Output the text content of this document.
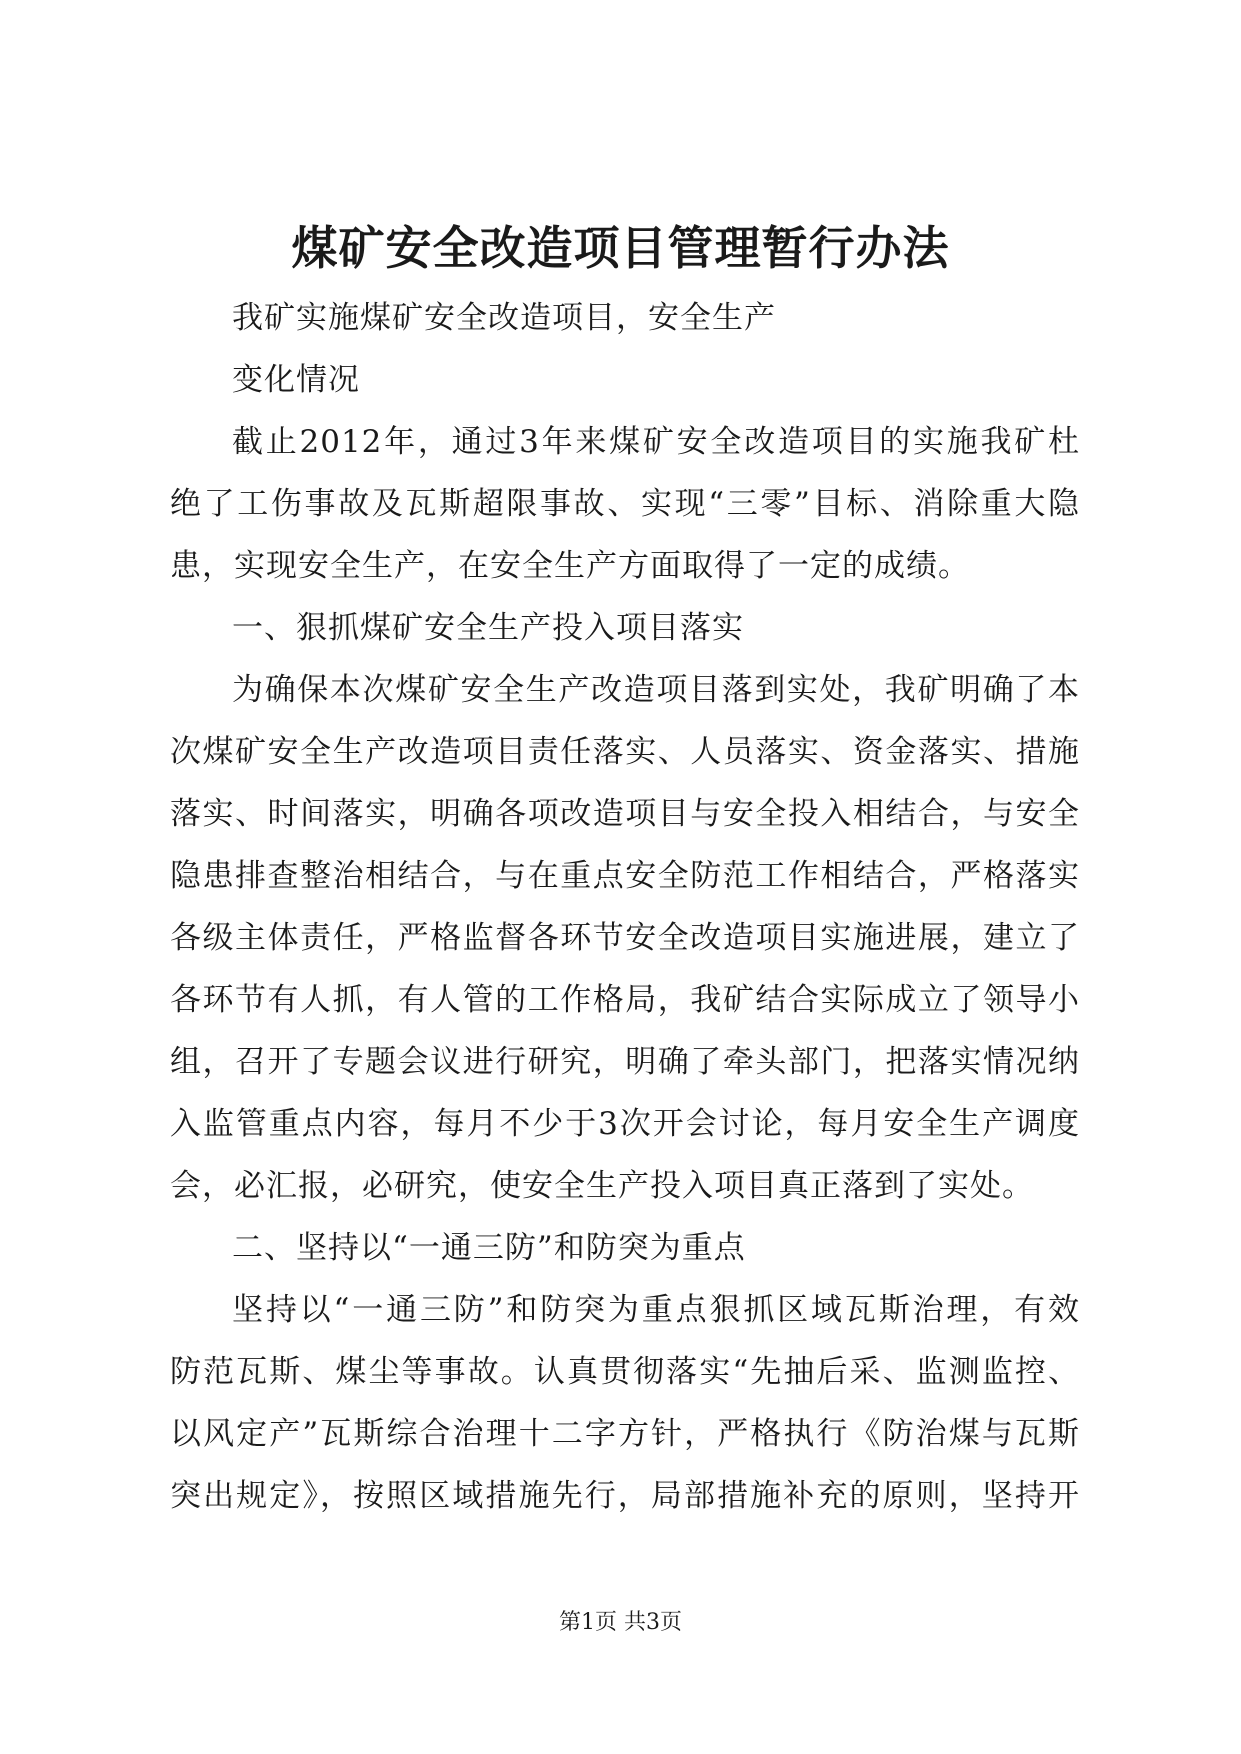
煤矿安全改造项目管理暂行办法
我矿实施煤矿安全改造项目，安全生产
变化情况
截止2012年，通过3年来煤矿安全改造项目的实施我矿杜
绝了工伤事故及瓦斯超限事故、实现“三零”目标、消除重大隐
患，实现安全生产，在安全生产方面取得了一定的成绩。
一、狠抓煤矿安全生产投入项目落实
为确保本次煤矿安全生产改造项目落到实处，我矿明确了本
次煤矿安全生产改造项目责任落实、人员落实、资金落实、措施
落实、时间落实，明确各项改造项目与安全投入相结合，与安全
隐患排查整治相结合，与在重点安全防范工作相结合，严格落实
各级主体责任，严格监督各环节安全改造项目实施进展，建立了
各环节有人抓，有人管的工作格局，我矿结合实际成立了领导小
组，召开了专题会议进行研究，明确了牵头部门，把落实情况纳
入监管重点内容，每月不少于3次开会讨论，每月安全生产调度
会，必汇报，必研究，使安全生产投入项目真正落到了实处。
二、坚持以“一通三防”和防突为重点
坚持以“一通三防”和防突为重点狠抓区域瓦斯治理，有效
防范瓦斯、煤尘等事故。认真贯彻落实“先抽后采、监测监控、
以风定产”瓦斯综合治理十二字方针，严格执行《防治煤与瓦斯
突出规定》，按照区域措施先行，局部措施补充的原则，坚持开
第1页 共3页
